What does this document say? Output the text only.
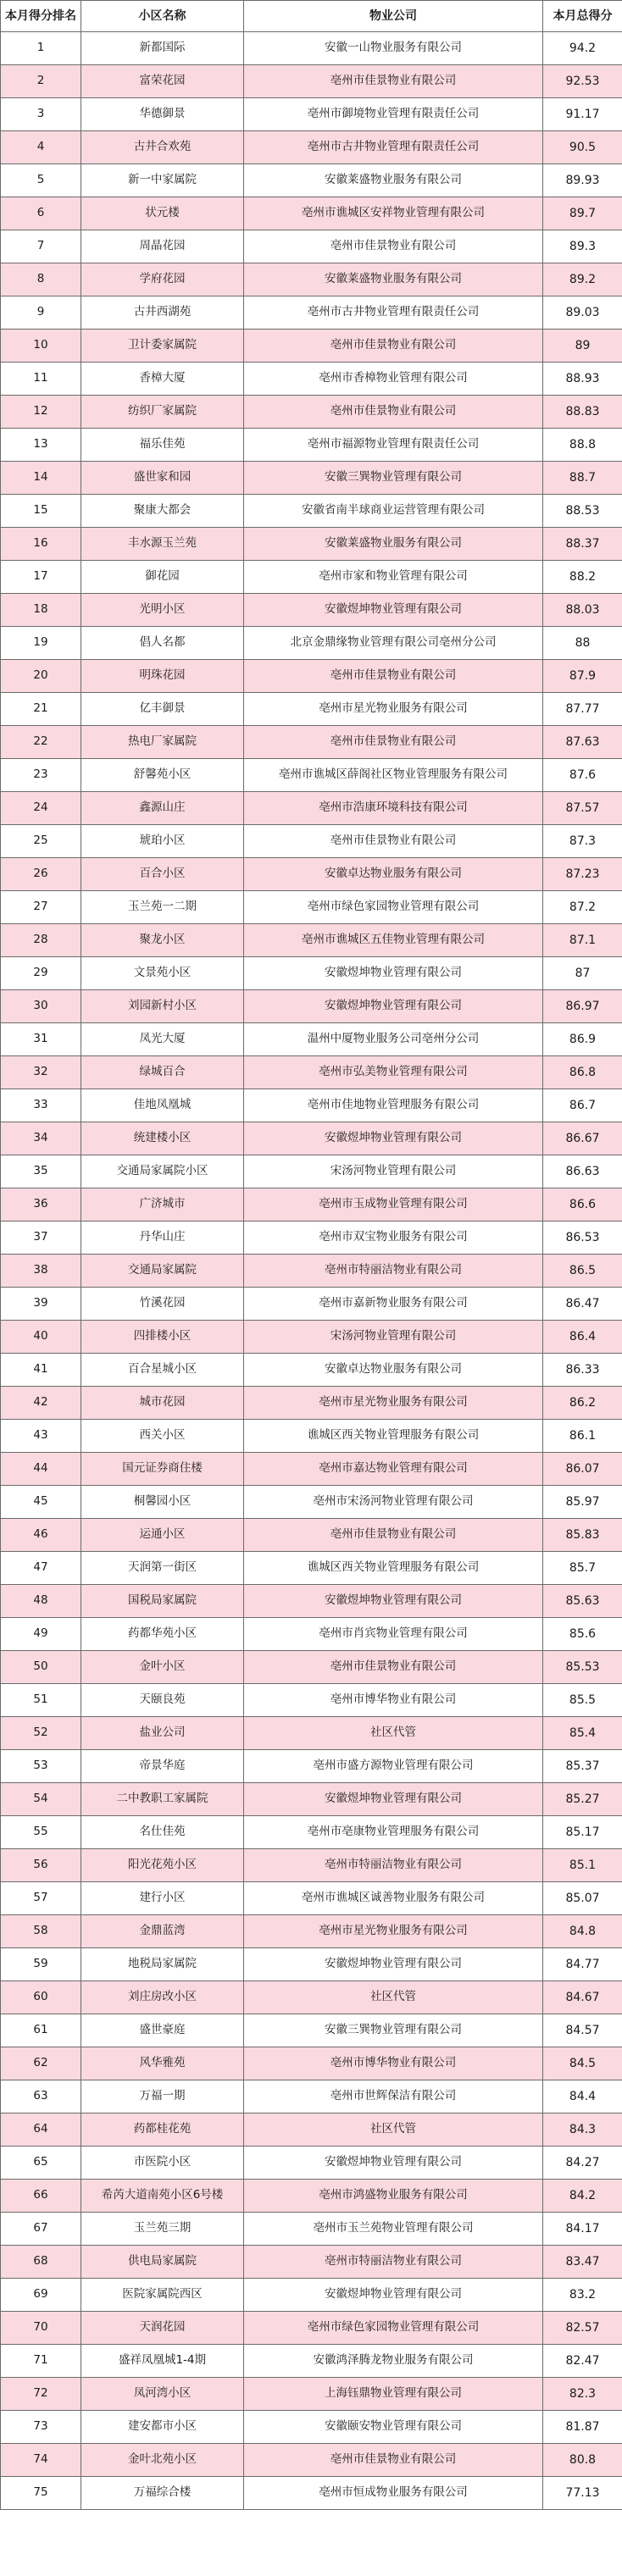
本月得分排名	小区名称	物业公司	本月总得分
1	新都国际	安徽一山物业服务有限公司	94.2
2	富荣花园	亳州市佳景物业有限公司	92.53
3	华德御景	亳州市御境物业管理有限责任公司	91.17
4	古井合欢苑	亳州市古井物业管理有限责任公司	90.5
5	新一中家属院	安徽莱盛物业服务有限公司	89.93
6	状元楼	亳州市谯城区安祥物业管理有限公司	89.7
7	周晶花园	亳州市佳景物业有限公司	89.3
8	学府花园	安徽莱盛物业服务有限公司	89.2
9	古井西湖苑	亳州市古井物业管理有限责任公司	89.03
10	卫计委家属院	亳州市佳景物业有限公司	89
11	香樟大厦	亳州市香樟物业管理有限公司	88.93
12	纺织厂家属院	亳州市佳景物业有限公司	88.83
13	福乐佳苑	亳州市福源物业管理有限责任公司	88.8
14	盛世家和园	安徽三巽物业管理有限公司	88.7
15	聚康大都会	安徽省南半球商业运营管理有限公司	88.53
16	丰水源玉兰苑	安徽莱盛物业服务有限公司	88.37
17	御花园	亳州市家和物业管理有限公司	88.2
18	光明小区	安徽煜坤物业管理有限公司	88.03
19	倡人名都	北京金鼎缘物业管理有限公司亳州分公司	88
20	明珠花园	亳州市佳景物业有限公司	87.9
21	亿丰御景	亳州市星光物业服务有限公司	87.77
22	热电厂家属院	亳州市佳景物业有限公司	87.63
23	舒馨苑小区	亳州市谯城区薛阁社区物业管理服务有限公司	87.6
24	鑫源山庄	亳州市浩康环境科技有限公司	87.57
25	琥珀小区	亳州市佳景物业有限公司	87.3
26	百合小区	安徽卓达物业服务有限公司	87.23
27	玉兰苑一二期	亳州市绿色家园物业管理有限公司	87.2
28	聚龙小区	亳州市谯城区五佳物业管理有限公司	87.1
29	文景苑小区	安徽煜坤物业管理有限公司	87
30	刘园新村小区	安徽煜坤物业管理有限公司	86.97
31	凤光大厦	温州中厦物业服务公司亳州分公司	86.9
32	绿城百合	亳州市弘美物业管理有限公司	86.8
33	佳地凤凰城	亳州市佳地物业管理服务有限公司	86.7
34	统建楼小区	安徽煜坤物业管理有限公司	86.67
35	交通局家属院小区	宋汤河物业管理有限公司	86.63
36	广济城市	亳州市玉成物业管理有限公司	86.6
37	丹华山庄	亳州市双宝物业服务有限公司	86.53
38	交通局家属院	亳州市特丽洁物业有限公司	86.5
39	竹溪花园	亳州市嘉新物业服务有限公司	86.47
40	四排楼小区	宋汤河物业管理有限公司	86.4
41	百合星城小区	安徽卓达物业服务有限公司	86.33
42	城市花园	亳州市星光物业服务有限公司	86.2
43	西关小区	谯城区西关物业管理服务有限公司	86.1
44	国元证券商住楼	亳州市嘉达物业管理有限公司	86.07
45	桐馨园小区	亳州市宋汤河物业管理有限公司	85.97
46	运通小区	亳州市佳景物业有限公司	85.83
47	天润第一街区	谯城区西关物业管理服务有限公司	85.7
48	国税局家属院	安徽煜坤物业管理有限公司	85.63
49	药都华苑小区	亳州市肖宾物业管理有限公司	85.6
50	金叶小区	亳州市佳景物业有限公司	85.53
51	天颐良苑	亳州市博华物业有限公司	85.5
52	盐业公司	社区代管	85.4
53	帝景华庭	亳州市盛方源物业管理有限公司	85.37
54	二中教职工家属院	安徽煜坤物业管理有限公司	85.27
55	名仕佳苑	亳州市亳康物业管理服务有限公司	85.17
56	阳光花苑小区	亳州市特丽洁物业有限公司	85.1
57	建行小区	亳州市谯城区诚善物业服务有限公司	85.07
58	金鼎蓝湾	亳州市星光物业服务有限公司	84.8
59	地税局家属院	安徽煜坤物业管理有限公司	84.77
60	刘庄房改小区	社区代管	84.67
61	盛世豪庭	安徽三巽物业管理有限公司	84.57
62	风华雅苑	亳州市博华物业有限公司	84.5
63	万福一期	亳州市世辉保洁有限公司	84.4
64	药都桂花苑	社区代管	84.3
65	市医院小区	安徽煜坤物业管理有限公司	84.27
66	希芮大道南苑小区6号楼	亳州市鸿盛物业服务有限公司	84.2
67	玉兰苑三期	亳州市玉兰苑物业管理有限公司	84.17
68	供电局家属院	亳州市特丽洁物业有限公司	83.47
69	医院家属院西区	安徽煜坤物业管理有限公司	83.2
70	天润花园	亳州市绿色家园物业管理有限公司	82.57
71	盛祥凤凰城1-4期	安徽鸿泽腾龙物业服务有限公司	82.47
72	凤河湾小区	上海钰鼎物业管理有限公司	82.3
73	建安都市小区	安徽颐安物业管理有限公司	81.87
74	金叶北苑小区	亳州市佳景物业有限公司	80.8
75	万福综合楼	亳州市恒成物业服务有限公司	77.13
